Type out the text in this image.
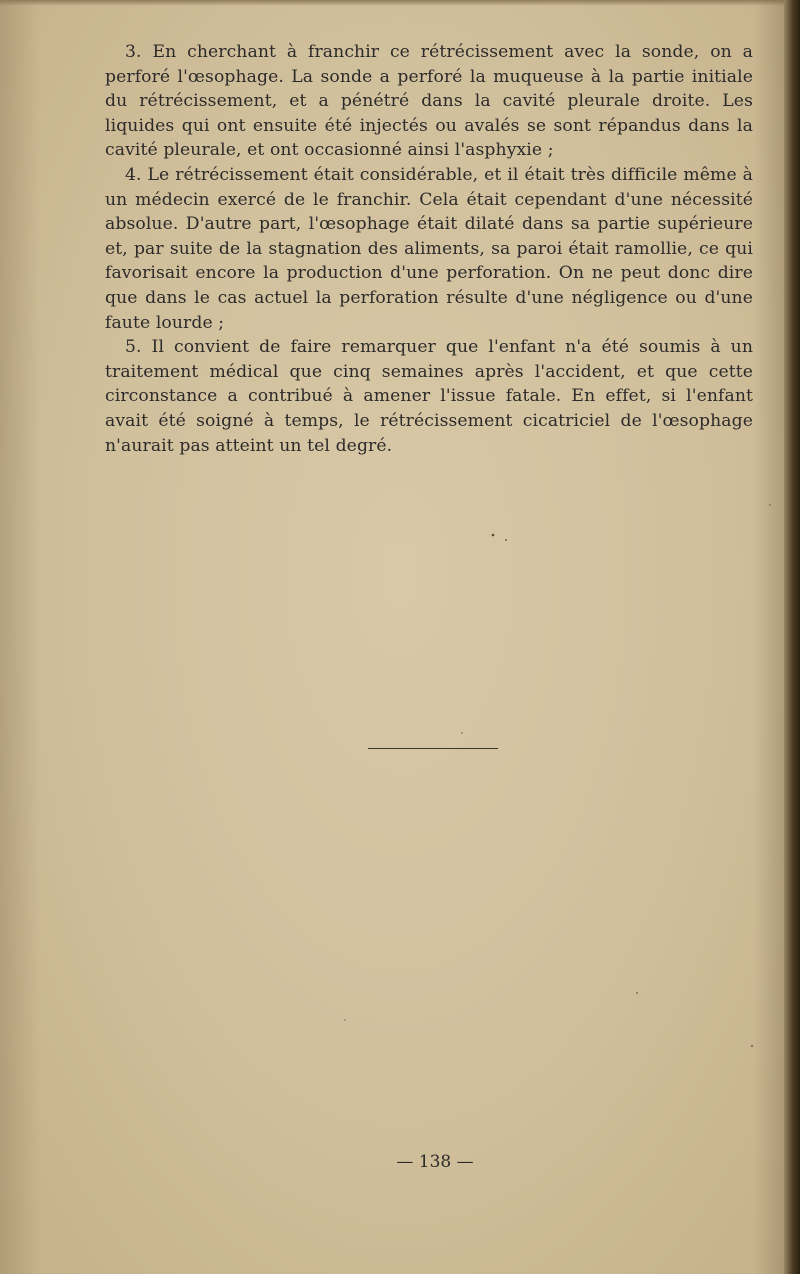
3. En cherchant à franchir ce rétrécissement avec la sonde, on a perforé l'œsophage. La sonde a perforé la muqueuse à la partie initiale du rétrécissement, et a pénétré dans la cavité pleurale droite. Les liquides qui ont ensuite été injectés ou avalés se sont répandus dans la cavité pleurale, et ont occasionné ainsi l'asphyxie ;

4. Le rétrécissement était considérable, et il était très difficile même à un médecin exercé de le franchir. Cela était cependant d'une nécessité absolue. D'autre part, l'œsophage était dilaté dans sa partie supérieure et, par suite de la stagnation des aliments, sa paroi était ramollie, ce qui favorisait encore la production d'une perforation. On ne peut donc dire que dans le cas actuel la perforation résulte d'une négligence ou d'une faute lourde ;

5. Il convient de faire remarquer que l'enfant n'a été soumis à un traitement médical que cinq semaines après l'accident, et que cette circonstance a contribué à amener l'issue fatale. En effet, si l'enfant avait été soigné à temps, le rétrécissement cicatriciel de l'œsophage n'aurait pas atteint un tel degré.

— 138 —
